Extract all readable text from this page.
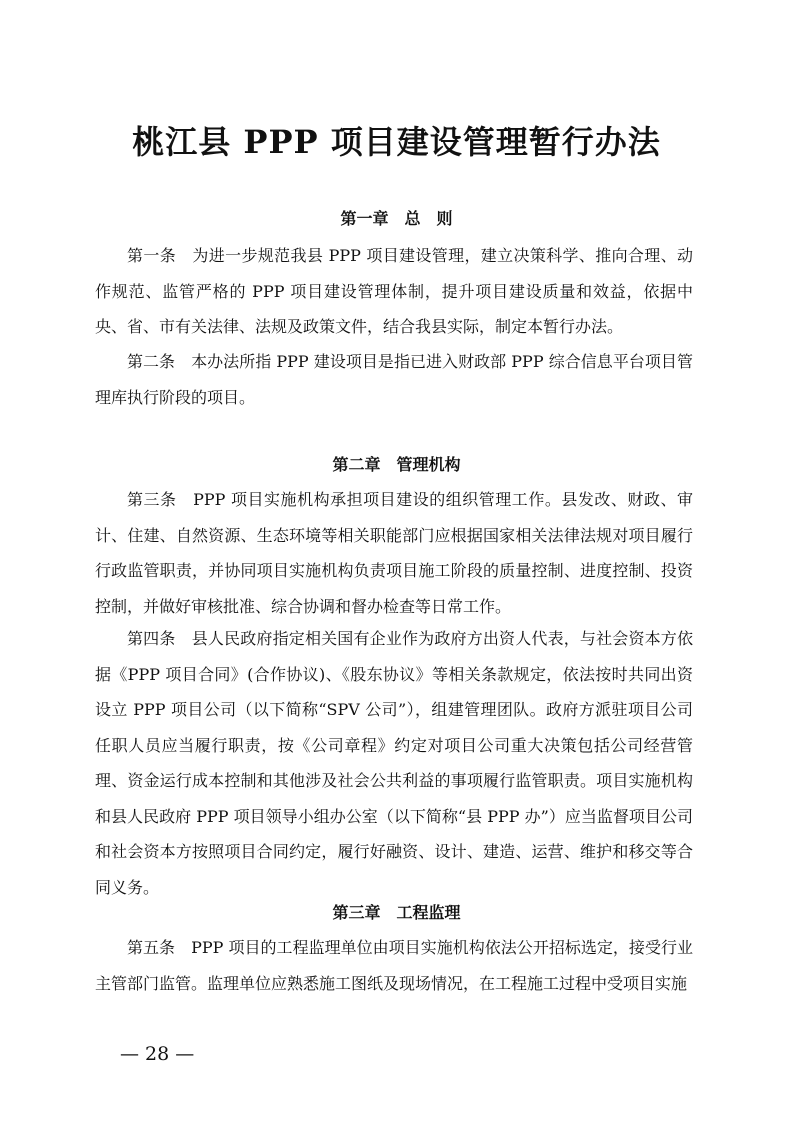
桃江县 PPP 项目建设管理暂行办法
第一章　总　则

第一条　 为进一步规范我县 PPP 项目建设管理，建立决策科学、推向合理、动作规范、监管严格的 PPP 项目建设管理体制，提升项目建设质量和效益，依据中央、省、市有关法律、法规及政策文件，结合我县实际，制定本暂行办法。

第二条　 本办法所指 PPP 建设项目是指已进入财政部 PPP 综合信息平台项目管理库执行阶段的项目。

第二章　管理机构

第三条　 PPP 项目实施机构承担项目建设的组织管理工作。县发改、财政、审计、住建、自然资源、生态环境等相关职能部门应根据国家相关法律法规对项目履行行政监管职责，并协同项目实施机构负责项目施工阶段的质量控制、进度控制、投资控制，并做好审核批准、综合协调和督办检查等日常工作。

第四条　 县人民政府指定相关国有企业作为政府方出资人代表，与社会资本方依据《PPP 项目合同》(合作协议)、《股东协议》等相关条款规定，依法按时共同出资设立 PPP 项目公司（以下简称“SPV 公司”），组建管理团队。政府方派驻项目公司任职人员应当履行职责，按《公司章程》约定对项目公司重大决策包括公司经营管理、资金运行成本控制和其他涉及社会公共利益的事项履行监管职责。项目实施机构和县人民政府 PPP 项目领导小组办公室（以下简称“县 PPP 办”）应当监督项目公司和社会资本方按照项目合同约定，履行好融资、设计、建造、运营、维护和移交等合同义务。

第三章　工程监理

第五条　 PPP 项目的工程监理单位由项目实施机构依法公开招标选定，接受行业主管部门监管。监理单位应熟悉施工图纸及现场情况，在工程施工过程中受项目实施

— 28 —
